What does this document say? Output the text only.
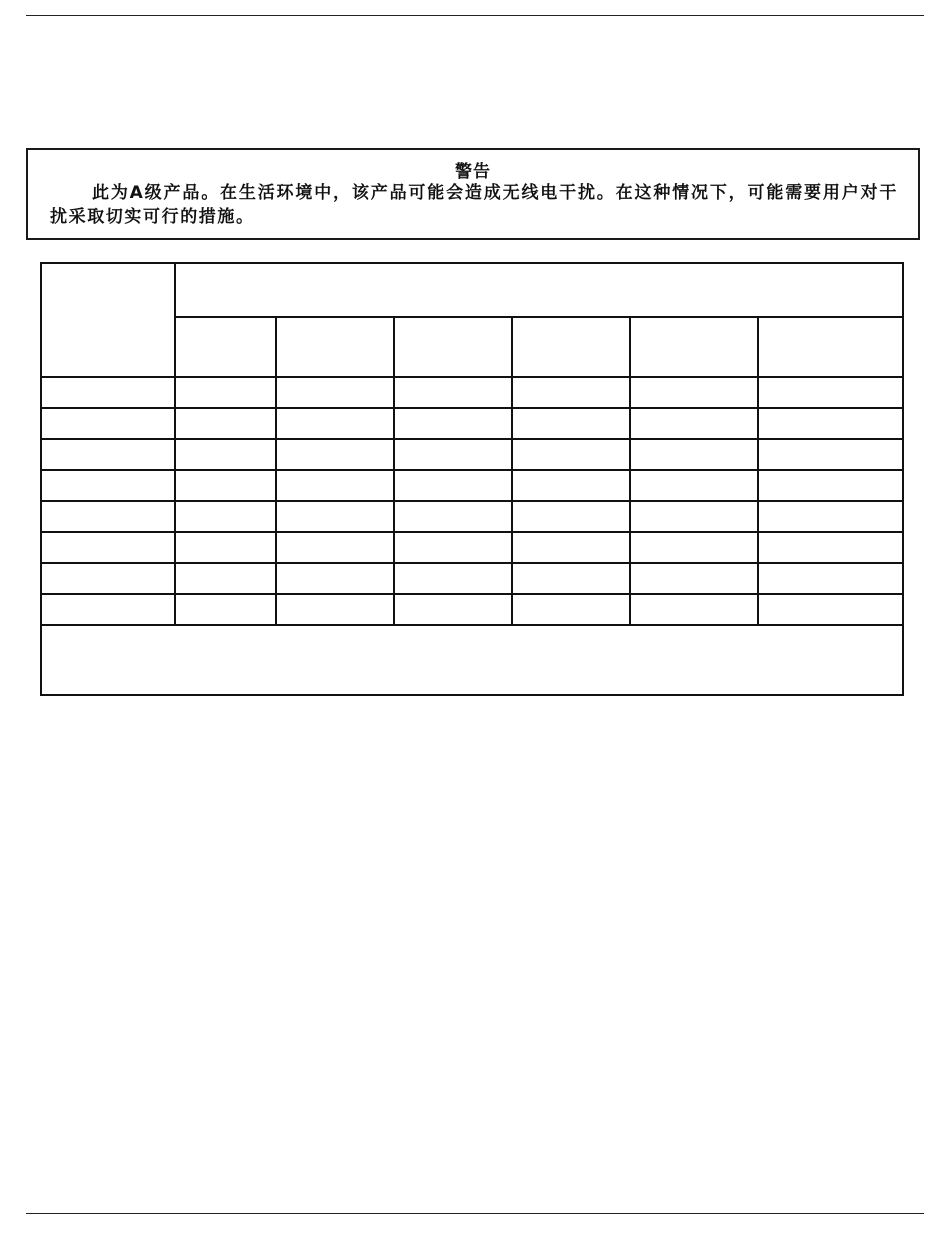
警告
此为A级产品。在生活环境中，该产品可能会造成无线电干扰。在这种情况下，可能需要用户对干扰采取切实可行的措施。
